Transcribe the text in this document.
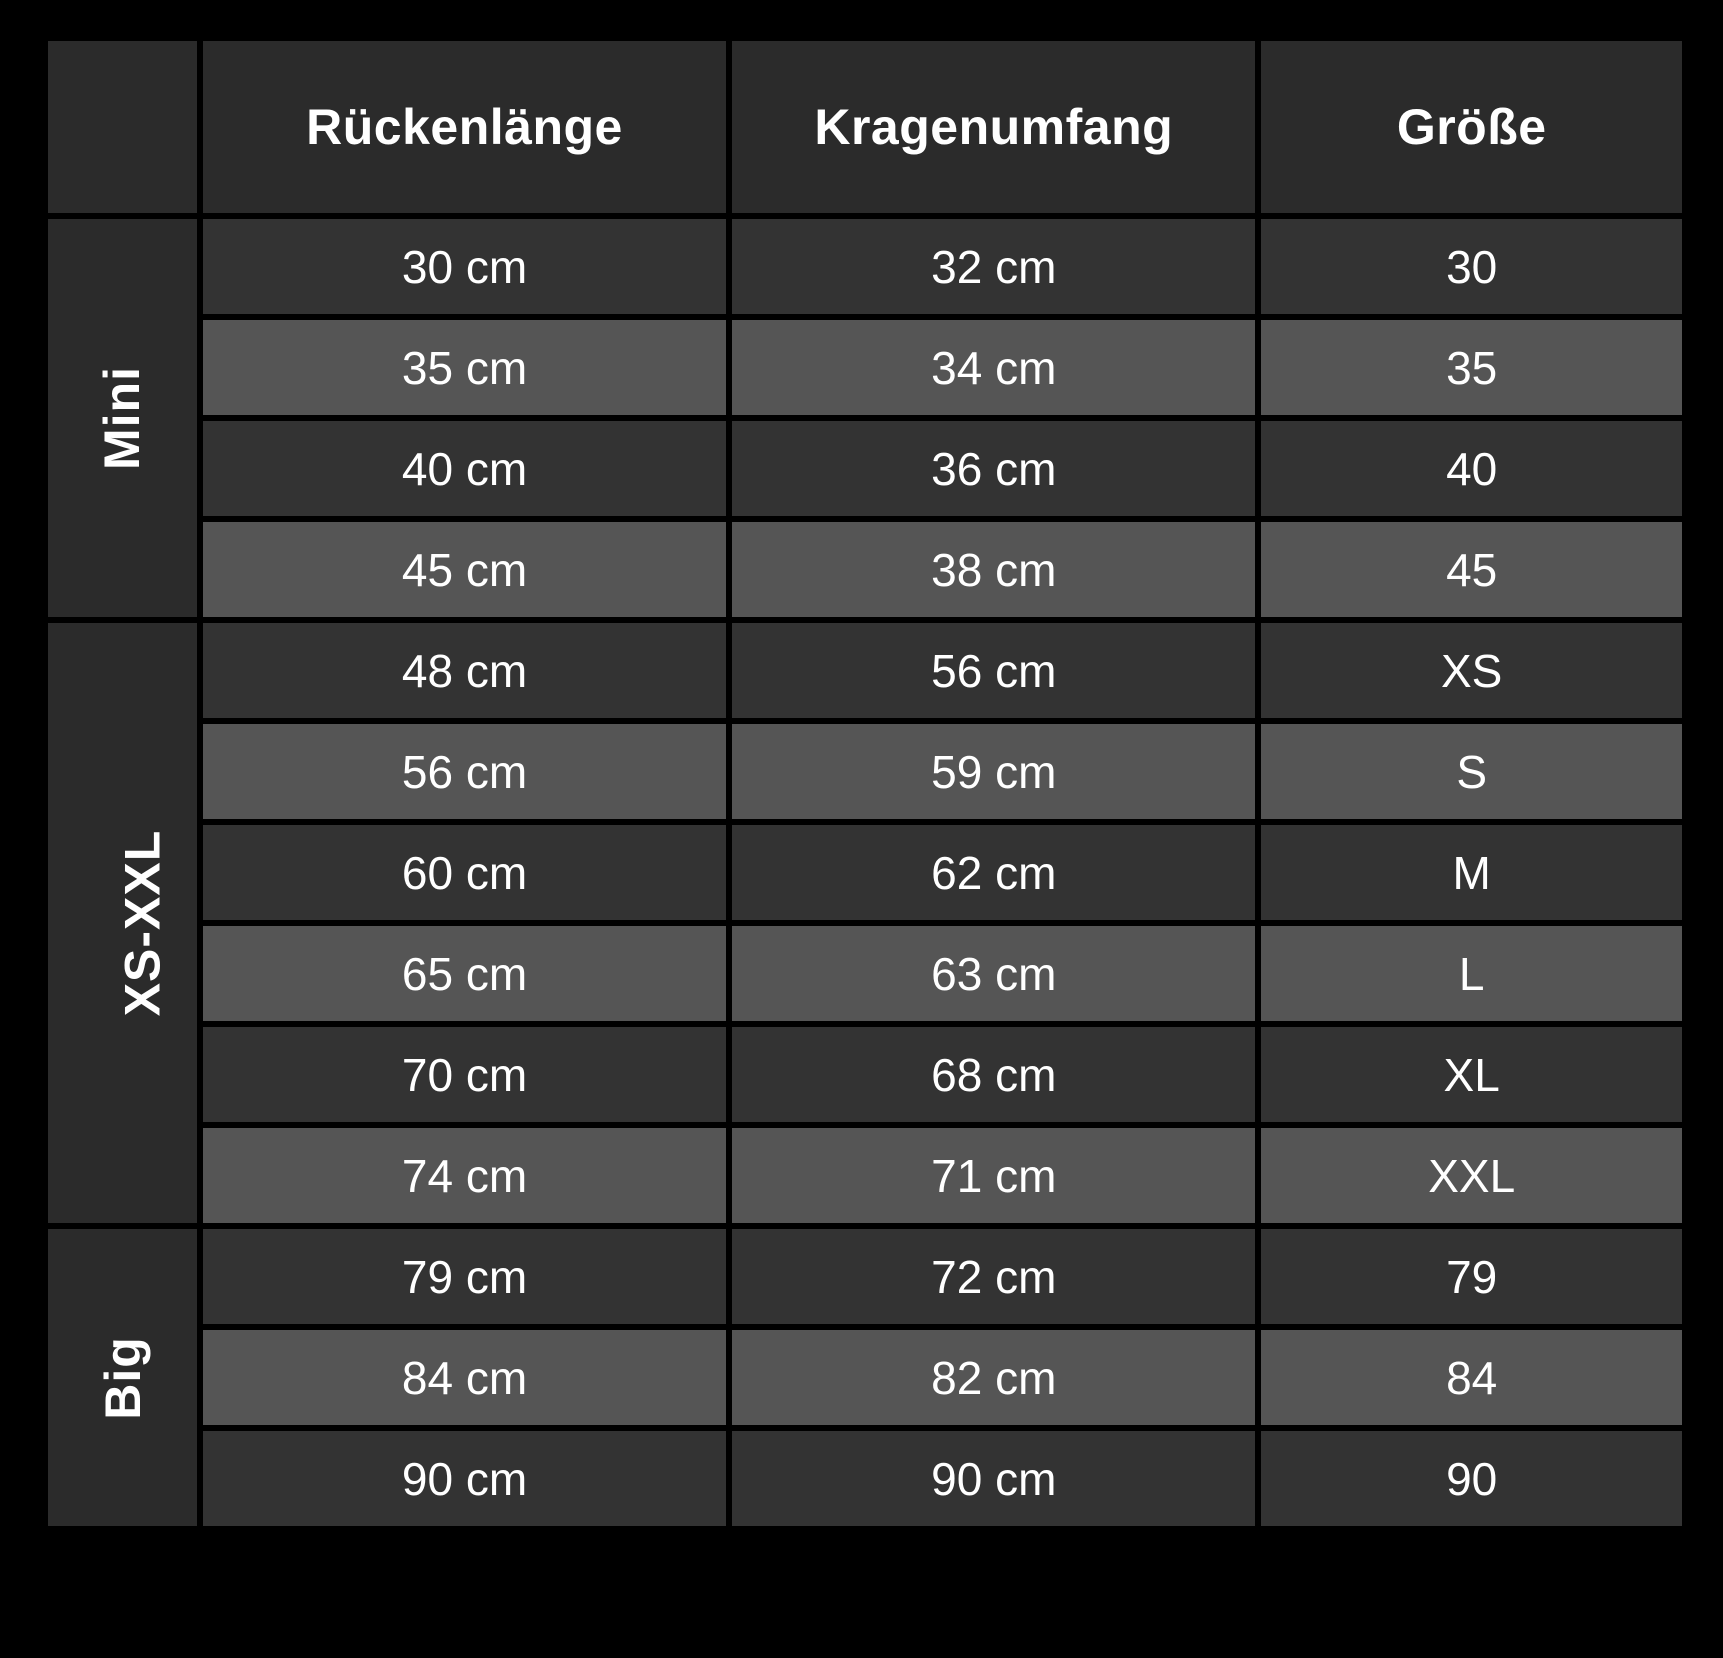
	Rückenlänge	Kragenumfang	Größe
Mini	30 cm	32 cm	30
	35 cm	34 cm	35
	40 cm	36 cm	40
	45 cm	38 cm	45
XS-XXL	48 cm	56 cm	XS
	56 cm	59 cm	S
	60 cm	62 cm	M
	65 cm	63 cm	L
	70 cm	68 cm	XL
	74 cm	71 cm	XXL
Big	79 cm	72 cm	79
	84 cm	82 cm	84
	90 cm	90 cm	90
